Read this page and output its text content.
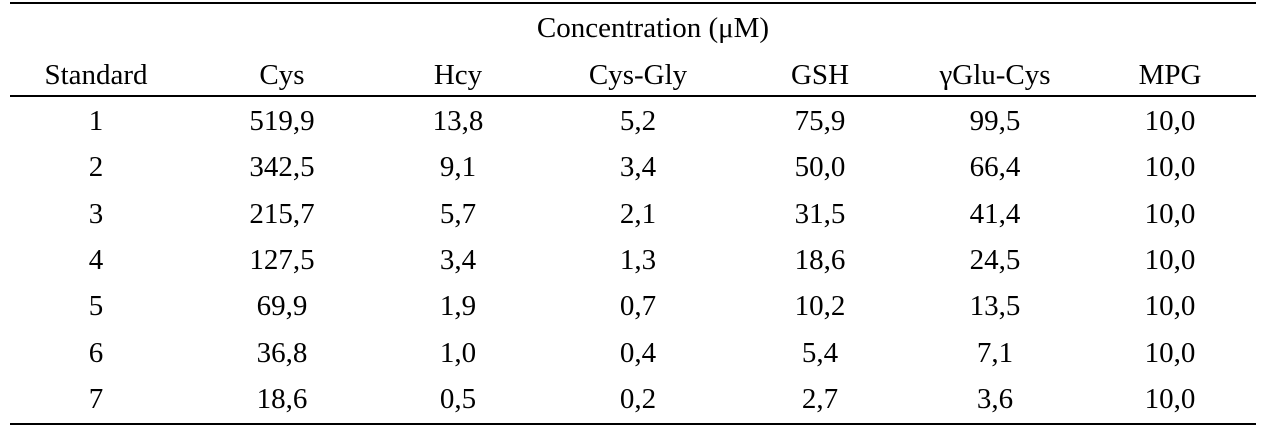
Concentration (μM)
Standard	Cys	Hcy	Cys-Gly	GSH	γGlu-Cys	MPG
1	519,9	13,8	5,2	75,9	99,5	10,0
2	342,5	9,1	3,4	50,0	66,4	10,0
3	215,7	5,7	2,1	31,5	41,4	10,0
4	127,5	3,4	1,3	18,6	24,5	10,0
5	69,9	1,9	0,7	10,2	13,5	10,0
6	36,8	1,0	0,4	5,4	7,1	10,0
7	18,6	0,5	0,2	2,7	3,6	10,0
